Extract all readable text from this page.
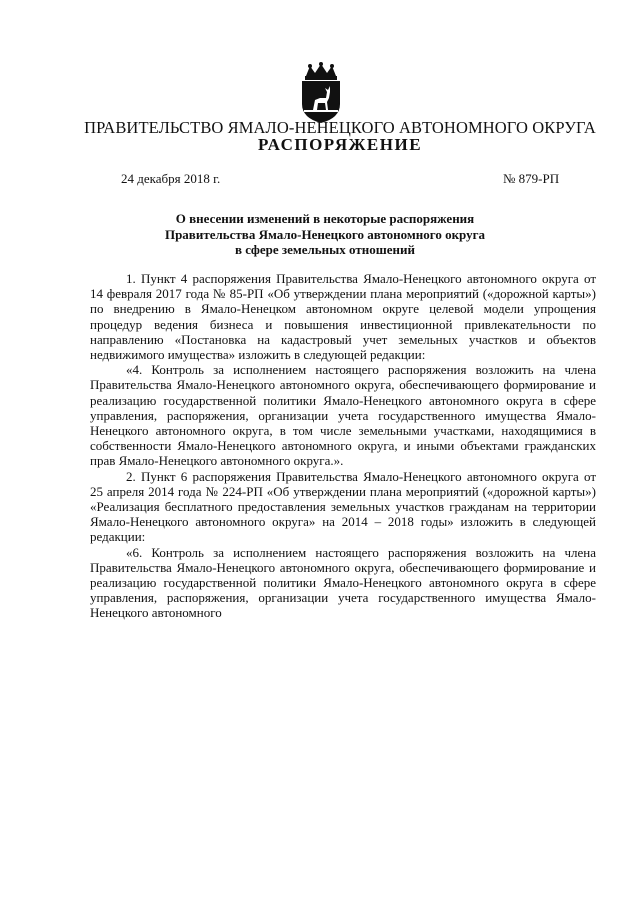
ПРАВИТЕЛЬСТВО ЯМАЛО-НЕНЕЦКОГО АВТОНОМНОГО ОКРУГА
РАСПОРЯЖЕНИЕ
24 декабря 2018 г.	№ 879-РП
О внесении изменений в некоторые распоряжения
Правительства Ямало-Ненецкого автономного округа
в сфере земельных отношений

1. Пункт 4 распоряжения Правительства Ямало-Ненецкого автономного округа от 14 февраля 2017 года № 85-РП «Об утверждении плана мероприятий («дорожной карты») по внедрению в Ямало-Ненецком автономном округе целевой модели упрощения процедур ведения бизнеса и повышения инвестиционной привлекательности по направлению «Постановка на кадастровый учет земельных участков и объектов недвижимого имущества» изложить в следующей редакции:

«4. Контроль за исполнением настоящего распоряжения возложить на члена Правительства Ямало-Ненецкого автономного округа, обеспечивающего формирование и реализацию государственной политики Ямало-Ненецкого автономного округа в сфере управления, распоряжения, организации учета государственного имущества Ямало-Ненецкого автономного округа, в том числе земельными участками, находящимися в собственности Ямало-Ненецкого автономного округа, и иными объектами гражданских прав Ямало-Ненецкого автономного округа.».

2. Пункт 6 распоряжения Правительства Ямало-Ненецкого автономного округа от 25 апреля 2014 года № 224-РП «Об утверждении плана мероприятий («дорожной карты») «Реализация бесплатного предоставления земельных участков гражданам на территории Ямало-Ненецкого автономного округа» на 2014 – 2018 годы» изложить в следующей редакции:

«6. Контроль за исполнением настоящего распоряжения возложить на члена Правительства Ямало-Ненецкого автономного округа, обеспечивающего формирование и реализацию государственной политики Ямало-Ненецкого автономного округа в сфере управления, распоряжения, организации учета государственного имущества Ямало-Ненецкого автономного
